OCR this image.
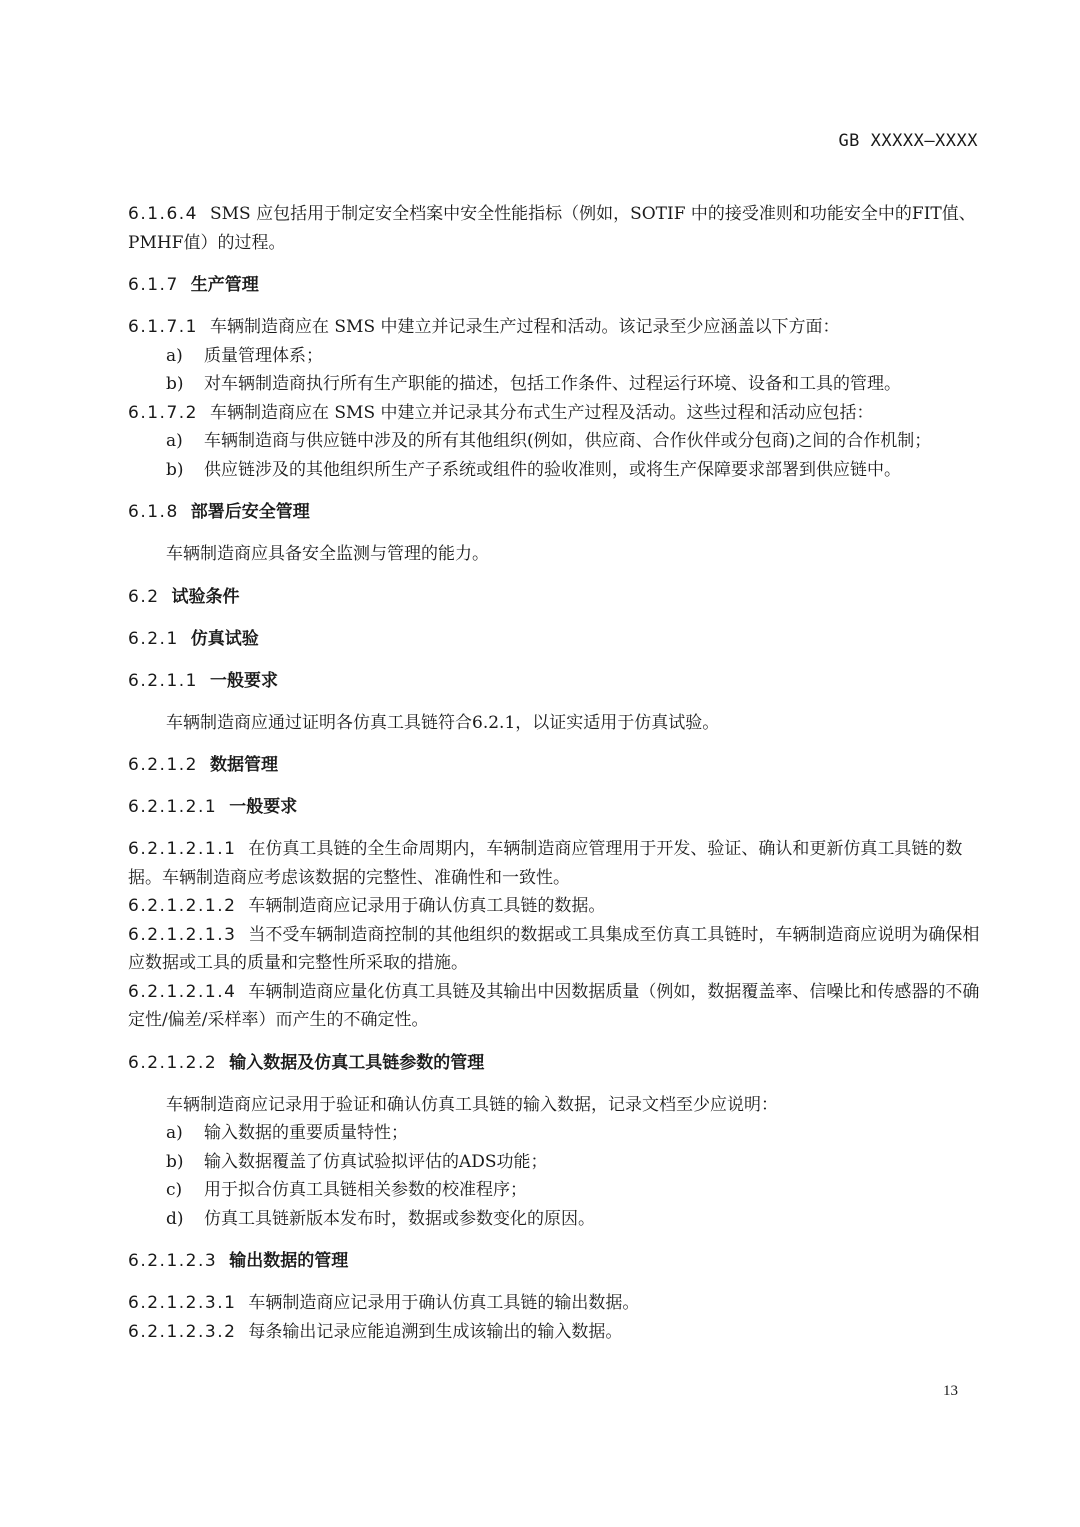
GB XXXXX—XXXX

6.1.6.4 SMS 应包括用于制定安全档案中安全性能指标（例如，SOTIF 中的接受准则和功能安全中的FIT值、PMHF值）的过程。

6.1.7 生产管理

6.1.7.1 车辆制造商应在 SMS 中建立并记录生产过程和活动。该记录至少应涵盖以下方面：

a)	质量管理体系；
b)	对车辆制造商执行所有生产职能的描述，包括工作条件、过程运行环境、设备和工具的管理。

6.1.7.2 车辆制造商应在 SMS 中建立并记录其分布式生产过程及活动。这些过程和活动应包括：

a)	车辆制造商与供应链中涉及的所有其他组织(例如，供应商、合作伙伴或分包商)之间的合作机制；
b)	供应链涉及的其他组织所生产子系统或组件的验收准则，或将生产保障要求部署到供应链中。

6.1.8 部署后安全管理

车辆制造商应具备安全监测与管理的能力。

6.2 试验条件

6.2.1 仿真试验

6.2.1.1 一般要求

车辆制造商应通过证明各仿真工具链符合6.2.1，以证实适用于仿真试验。

6.2.1.2 数据管理

6.2.1.2.1 一般要求

6.2.1.2.1.1 在仿真工具链的全生命周期内，车辆制造商应管理用于开发、验证、确认和更新仿真工具链的数据。车辆制造商应考虑该数据的完整性、准确性和一致性。

6.2.1.2.1.2 车辆制造商应记录用于确认仿真工具链的数据。

6.2.1.2.1.3 当不受车辆制造商控制的其他组织的数据或工具集成至仿真工具链时，车辆制造商应说明为确保相应数据或工具的质量和完整性所采取的措施。

6.2.1.2.1.4 车辆制造商应量化仿真工具链及其输出中因数据质量（例如，数据覆盖率、信噪比和传感器的不确定性/偏差/采样率）而产生的不确定性。

6.2.1.2.2 输入数据及仿真工具链参数的管理

车辆制造商应记录用于验证和确认仿真工具链的输入数据，记录文档至少应说明：

a)	输入数据的重要质量特性；
b)	输入数据覆盖了仿真试验拟评估的ADS功能；
c)	用于拟合仿真工具链相关参数的校准程序；
d)	仿真工具链新版本发布时，数据或参数变化的原因。

6.2.1.2.3 输出数据的管理

6.2.1.2.3.1 车辆制造商应记录用于确认仿真工具链的输出数据。

6.2.1.2.3.2 每条输出记录应能追溯到生成该输出的输入数据。

13
